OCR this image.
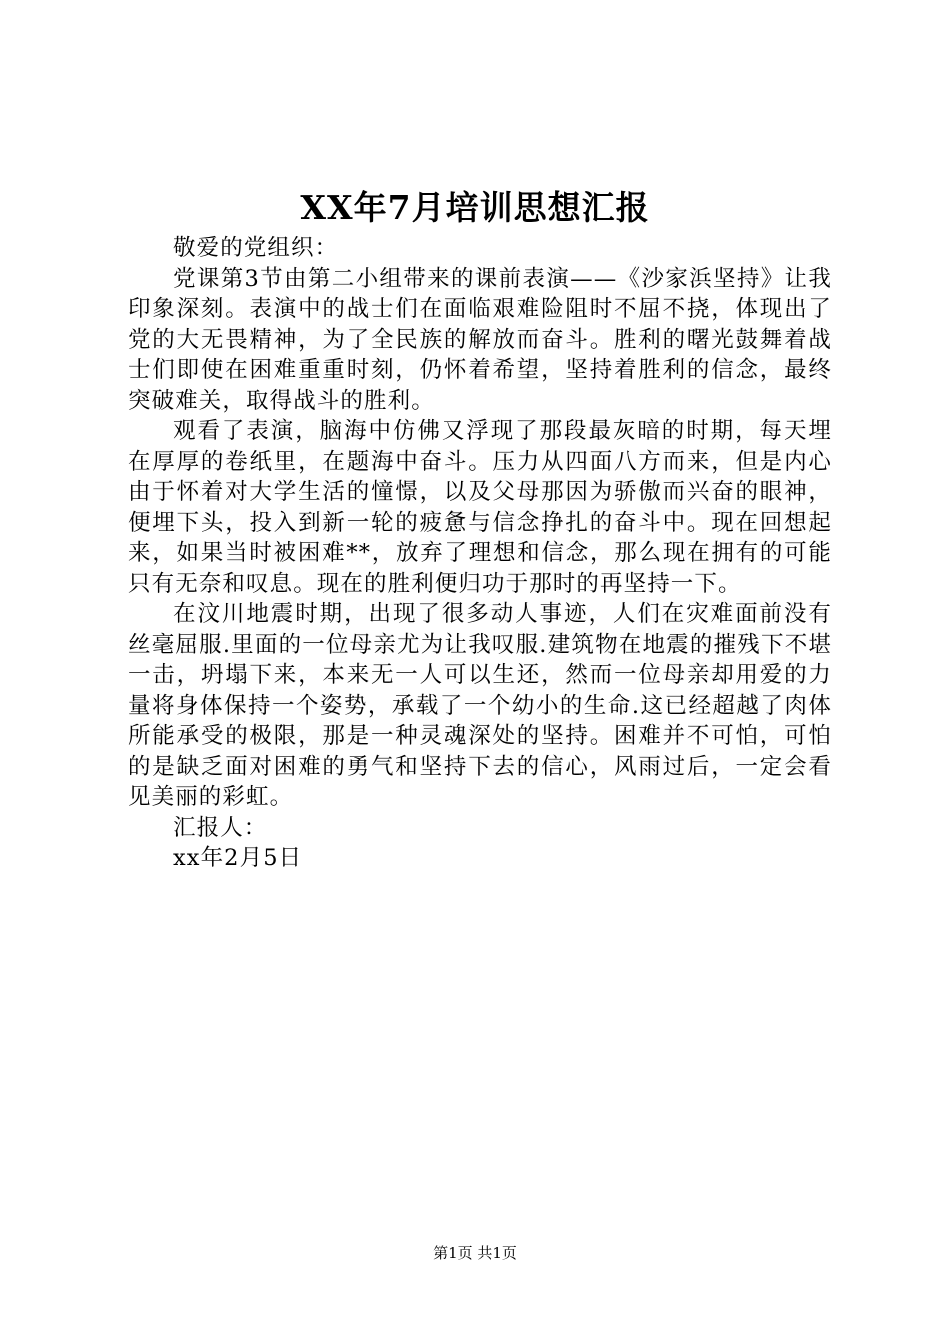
XX年7月培训思想汇报

敬爱的党组织：

党课第3节由第二小组带来的课前表演——《沙家浜坚持》让我印象深刻。表演中的战士们在面临艰难险阻时不屈不挠，体现出了党的大无畏精神，为了全民族的解放而奋斗。胜利的曙光鼓舞着战士们即使在困难重重时刻，仍怀着希望，坚持着胜利的信念，最终突破难关，取得战斗的胜利。

观看了表演，脑海中仿佛又浮现了那段最灰暗的时期，每天埋在厚厚的卷纸里，在题海中奋斗。压力从四面八方而来，但是内心由于怀着对大学生活的憧憬，以及父母那因为骄傲而兴奋的眼神，便埋下头，投入到新一轮的疲惫与信念挣扎的奋斗中。现在回想起来，如果当时被困难**，放弃了理想和信念，那么现在拥有的可能只有无奈和叹息。现在的胜利便归功于那时的再坚持一下。

在汶川地震时期，出现了很多动人事迹，人们在灾难面前没有丝毫屈服.里面的一位母亲尤为让我叹服.建筑物在地震的摧残下不堪一击，坍塌下来，本来无一人可以生还，然而一位母亲却用爱的力量将身体保持一个姿势，承载了一个幼小的生命.这已经超越了肉体所能承受的极限，那是一种灵魂深处的坚持。困难并不可怕，可怕的是缺乏面对困难的勇气和坚持下去的信心，风雨过后，一定会看见美丽的彩虹。

汇报人：

xx年2月5日

第1页 共1页
